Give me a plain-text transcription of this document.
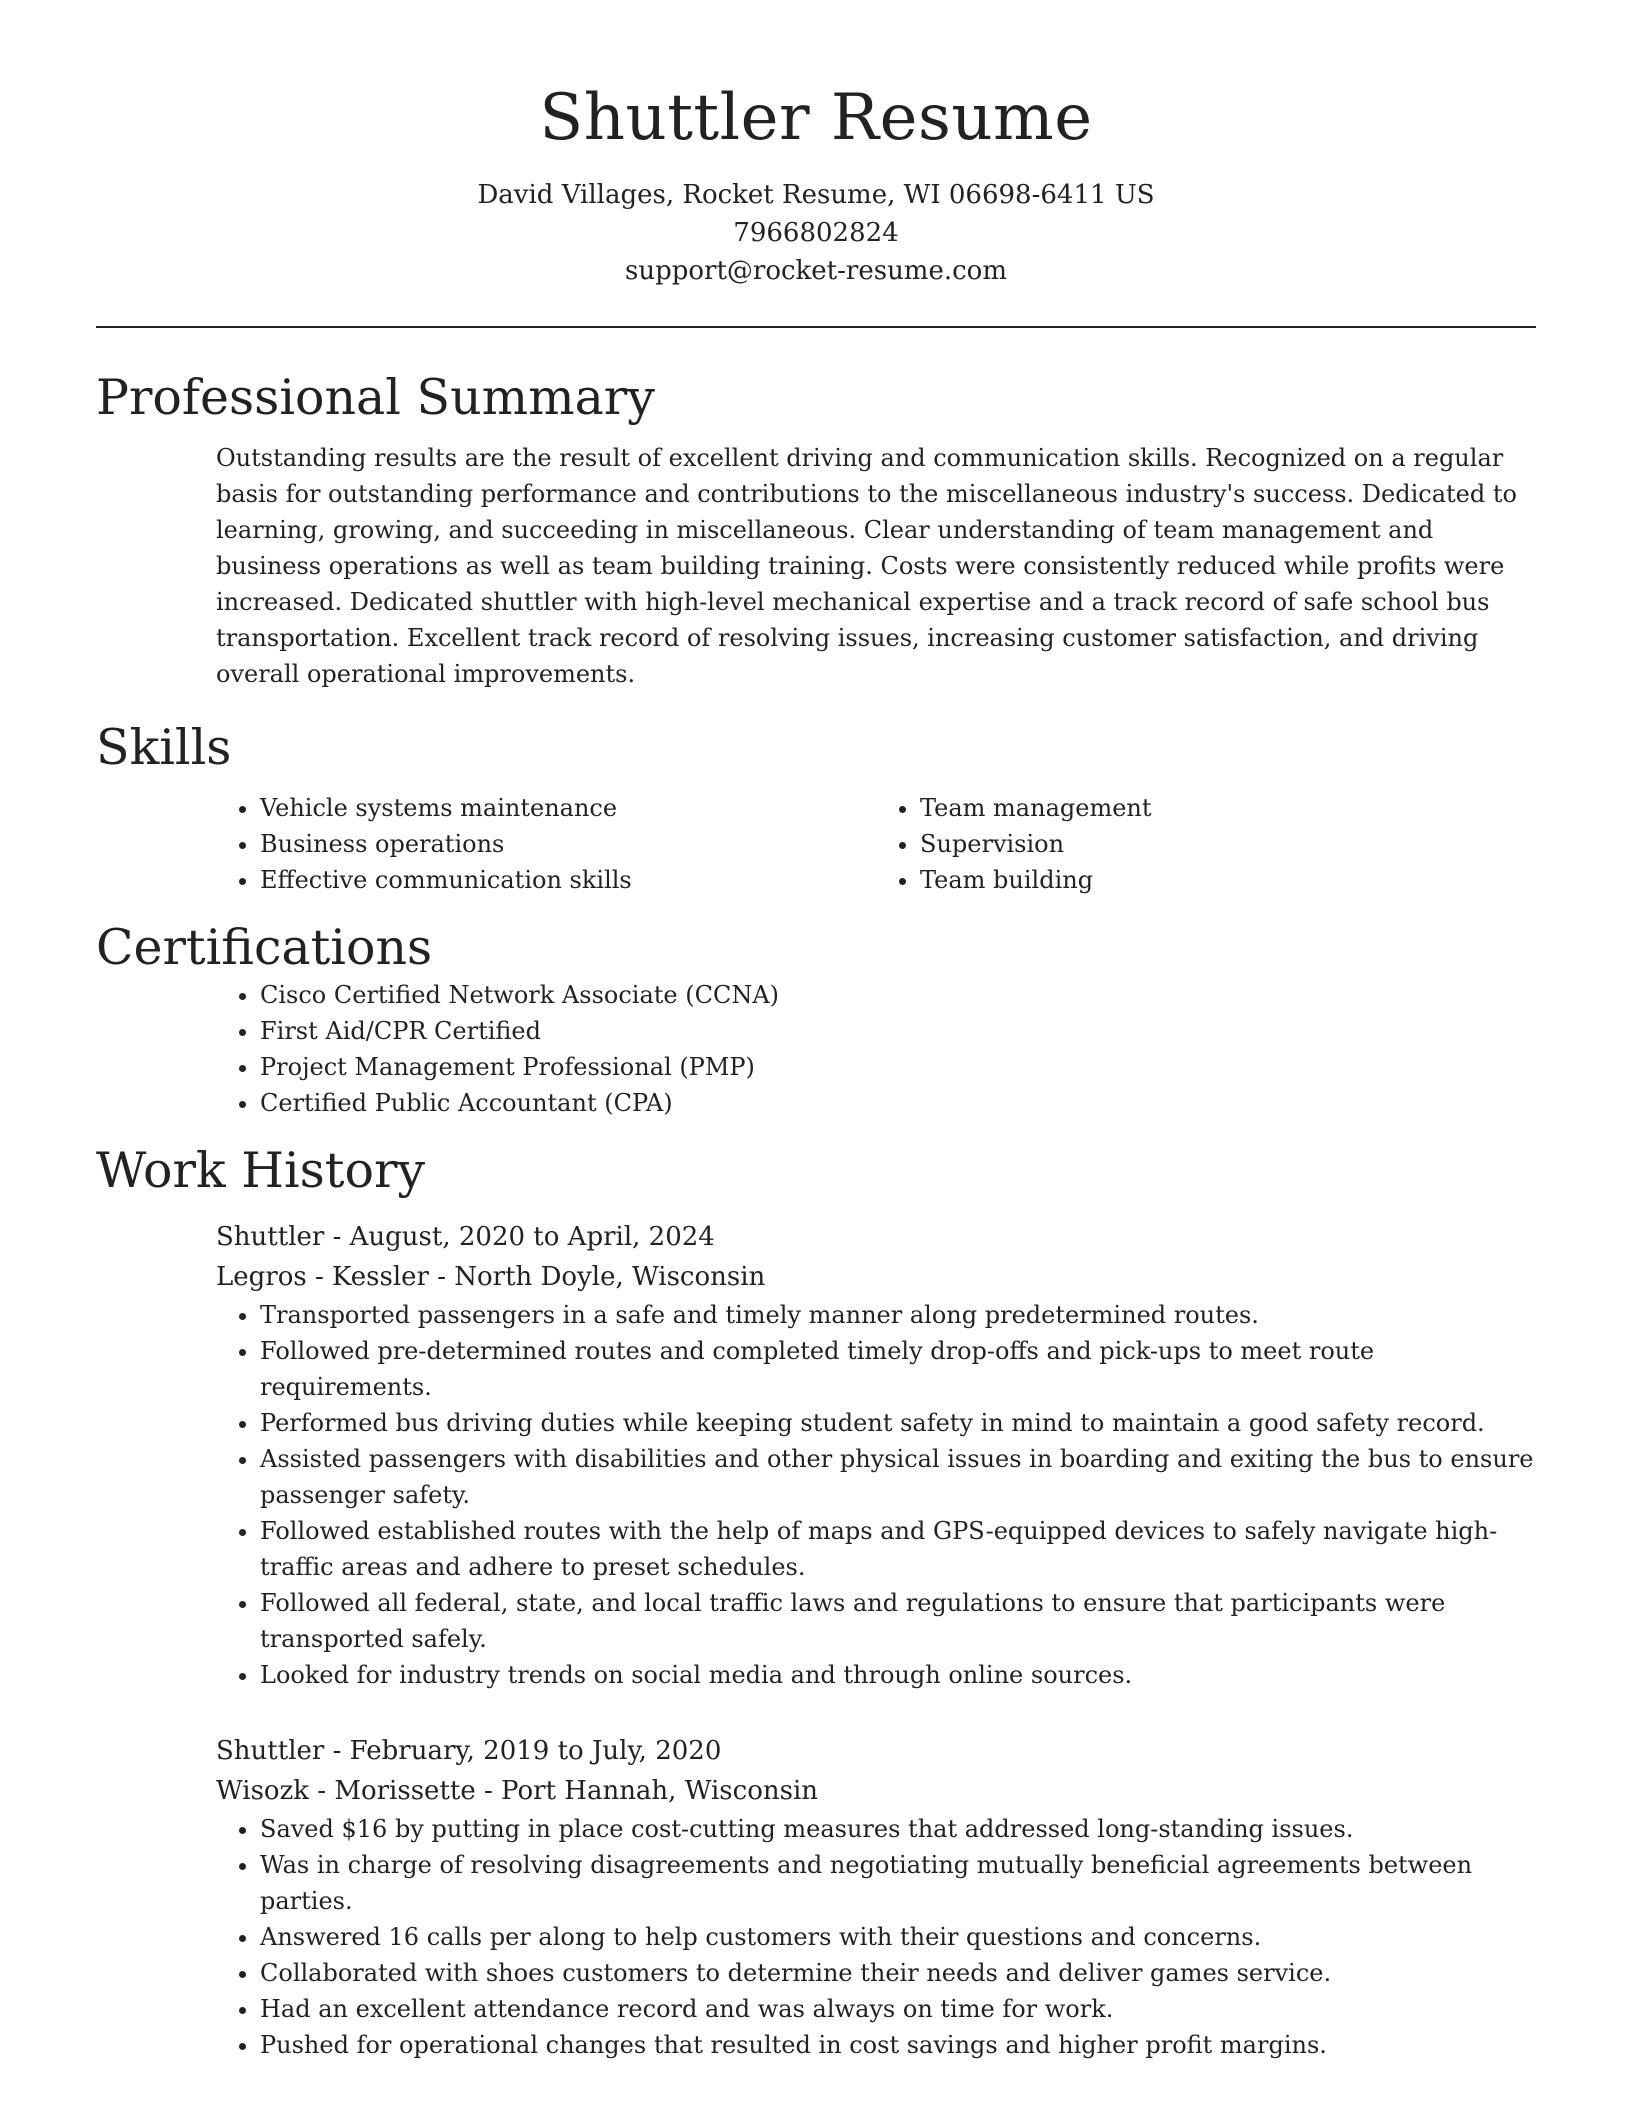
Shuttler Resume

David Villages, Rocket Resume, WI 06698-6411 US

7966802824

support@rocket-resume.com

Professional Summary

Outstanding results are the result of excellent driving and communication skills. Recognized on a regular basis for outstanding performance and contributions to the miscellaneous industry's success. Dedicated to learning, growing, and succeeding in miscellaneous. Clear understanding of team management and business operations as well as team building training. Costs were consistently reduced while profits were increased. Dedicated shuttler with high-level mechanical expertise and a track record of safe school bus transportation. Excellent track record of resolving issues, increasing customer satisfaction, and driving overall operational improvements.

Skills
• Vehicle systems maintenance
• Business operations
• Effective communication skills
• Team management
• Supervision
• Team building
Certifications
• Cisco Certified Network Associate (CCNA)
• First Aid/CPR Certified
• Project Management Professional (PMP)
• Certified Public Accountant (CPA)
Work History

Shuttler - August, 2020 to April, 2024

Legros - Kessler - North Doyle, Wisconsin

• Transported passengers in a safe and timely manner along predetermined routes.
• Followed pre-determined routes and completed timely drop-offs and pick-ups to meet route requirements.
• Performed bus driving duties while keeping student safety in mind to maintain a good safety record.
• Assisted passengers with disabilities and other physical issues in boarding and exiting the bus to ensure passenger safety.
• Followed established routes with the help of maps and GPS-equipped devices to safely navigate high-traffic areas and adhere to preset schedules.
• Followed all federal, state, and local traffic laws and regulations to ensure that participants were transported safely.
• Looked for industry trends on social media and through online sources.

Shuttler - February, 2019 to July, 2020

Wisozk - Morissette - Port Hannah, Wisconsin

• Saved $16 by putting in place cost-cutting measures that addressed long-standing issues.
• Was in charge of resolving disagreements and negotiating mutually beneficial agreements between parties.
• Answered 16 calls per along to help customers with their questions and concerns.
• Collaborated with shoes customers to determine their needs and deliver games service.
• Had an excellent attendance record and was always on time for work.
• Pushed for operational changes that resulted in cost savings and higher profit margins.
